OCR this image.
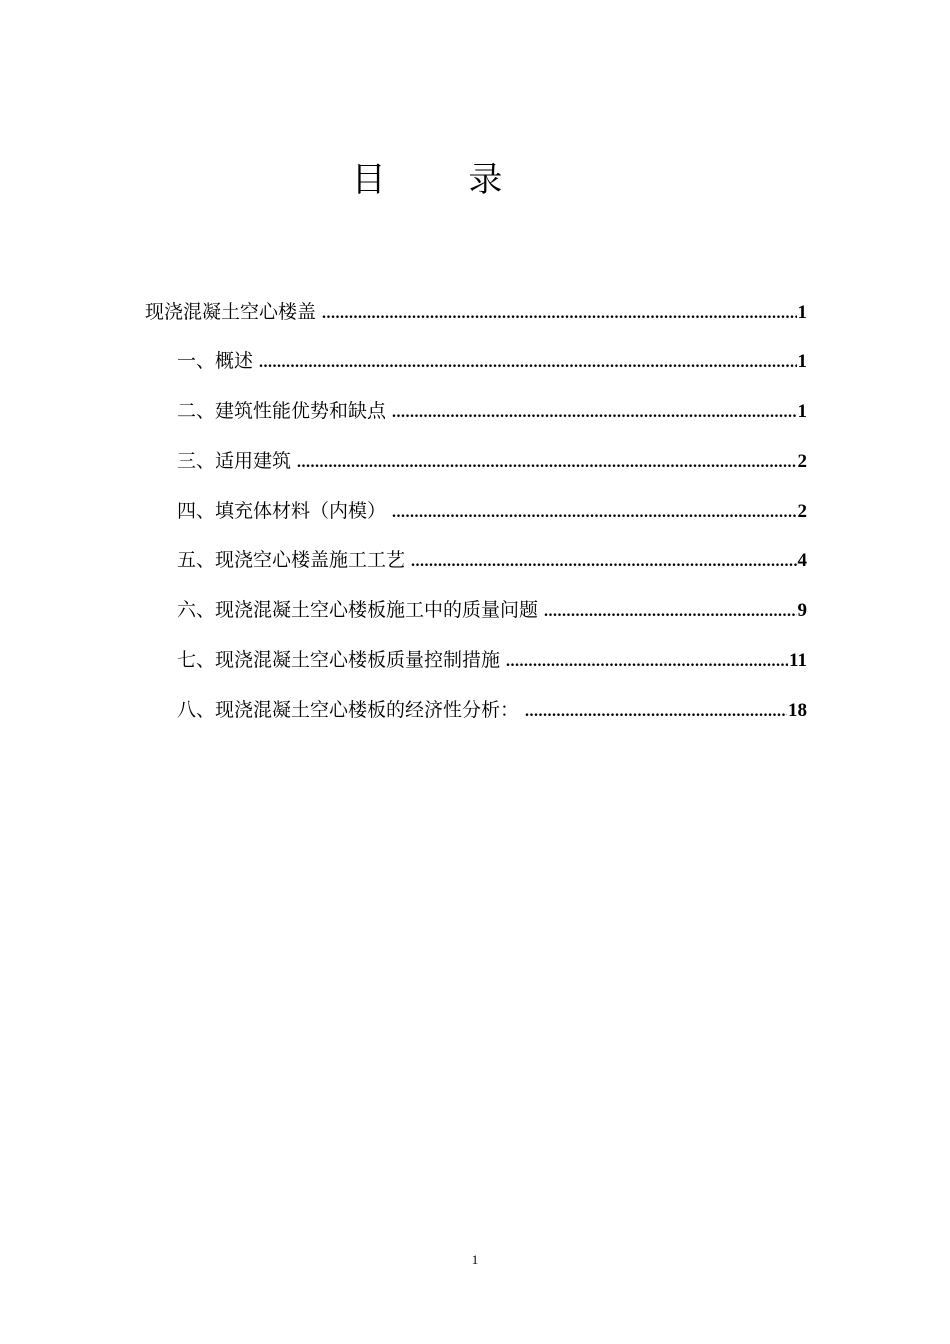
目 录
现浇混凝土空心楼盖 .....	1
一、概述 .....	1
二、建筑性能优势和缺点 .....	1
三、适用建筑 .....	2
四、填充体材料（内模） .....	2
五、现浇空心楼盖施工工艺 .....	4
六、现浇混凝土空心楼板施工中的质量问题 .....	9
七、现浇混凝土空心楼板质量控制措施 .....	11
八、现浇混凝土空心楼板的经济性分析： .....	18
1
